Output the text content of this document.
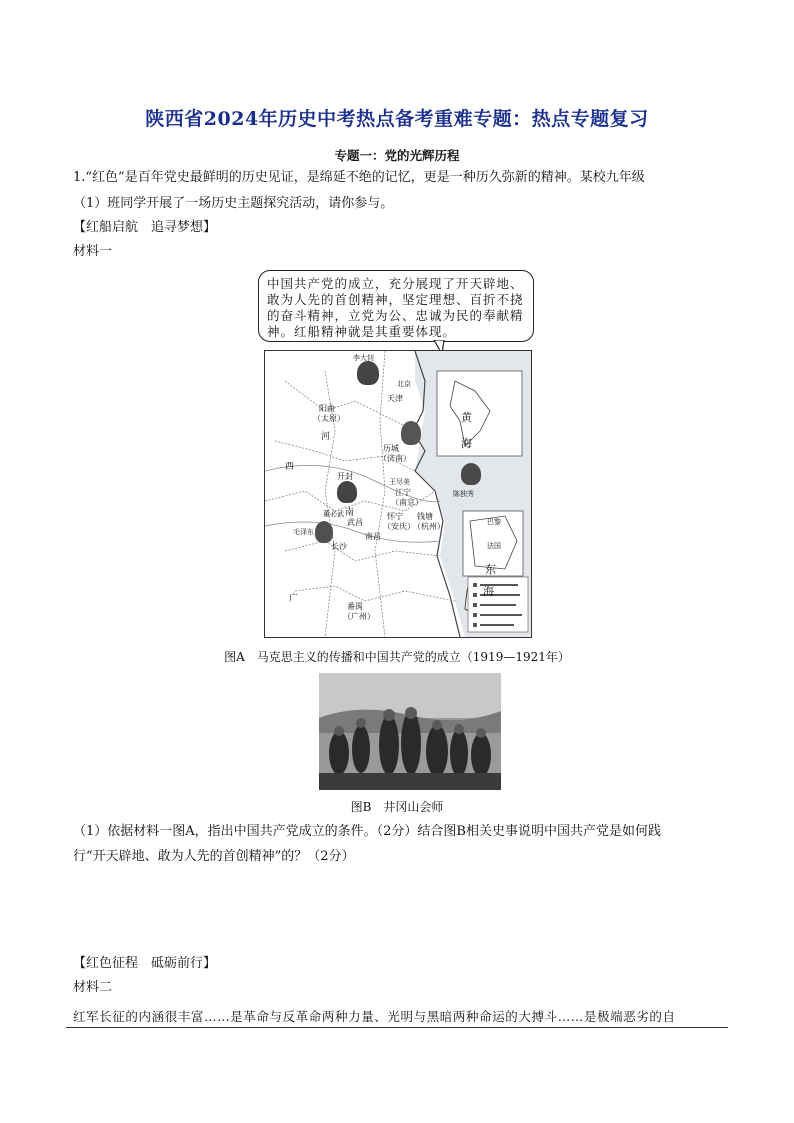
陕西省2024年历史中考热点备考重难专题：热点专题复习
专题一：党的光辉历程
1.“红色”是百年党史最鲜明的历史见证，是绵延不绝的记忆，更是一种历久弥新的精神。某校九年级
（1）班同学开展了一场历史主题探究活动，请你参与。
【红船启航　追寻梦想】
材料一
中国共产党的成立，充分展现了开天辟地、敢为人先的首创精神，坚定理想、百折不挠的奋斗精神，立党为公、忠诚为民的奉献精神。红船精神就是其重要体现。
李大钊
北京
天津
阳曲
（太原）
历城
（济南）
开封
王尽美
江宁
（南京）
陈独秀
董必武
武昌
毛泽东
长沙
怀宁
（安庆）
钱塘
（杭州）
南昌
番禺
（广州）
黄
海
东
海
河
南
西
广
巴黎
法国
图A　马克思主义的传播和中国共产党的成立（1919—1921年）
图B　井冈山会师
（1）依据材料一图A，指出中国共产党成立的条件。（2分）结合图B相关史事说明中国共产党是如何践
行“开天辟地、敢为人先的首创精神”的？（2分）
【红色征程　砥砺前行】
材料二
红军长征的内涵很丰富……是革命与反革命两种力量、光明与黑暗两种命运的大搏斗……是极端恶劣的自
